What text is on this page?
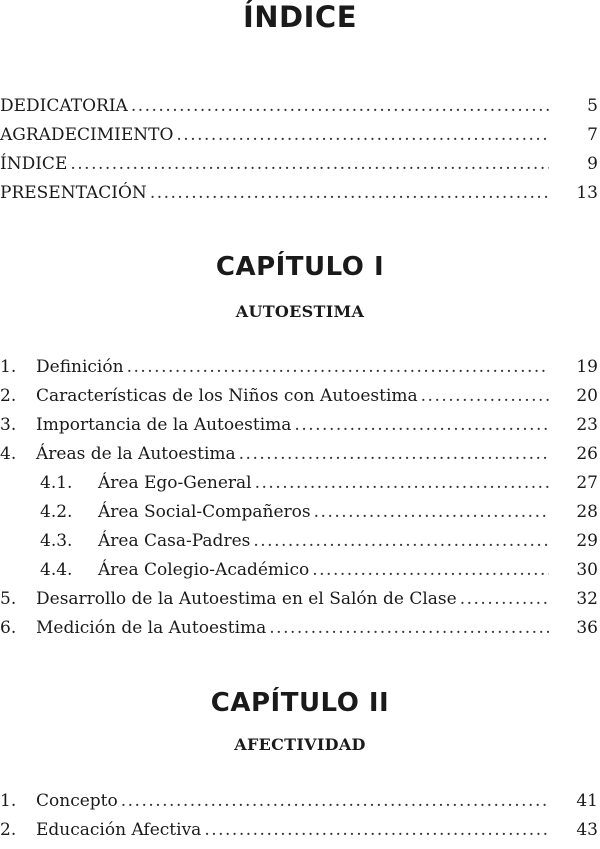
ÍNDICE
DEDICATORIA .....	5
AGRADECIMIENTO .....	7
ÍNDICE .....	9
PRESENTACIÓN .....	13
CAPÍTULO I
AUTOESTIMA
1.	Definición .....	19
2.	Características de los Niños con Autoestima .....	20
3.	Importancia de la Autoestima .....	23
4.	Áreas de la Autoestima .....	26
4.1.	Área Ego-General .....	27
4.2.	Área Social-Compañeros .....	28
4.3.	Área Casa-Padres .....	29
4.4.	Área Colegio-Académico .....	30
5.	Desarrollo de la Autoestima en el Salón de Clase .....	32
6.	Medición de la Autoestima .....	36
CAPÍTULO II
AFECTIVIDAD
1.	Concepto .....	41
2.	Educación Afectiva .....	43
